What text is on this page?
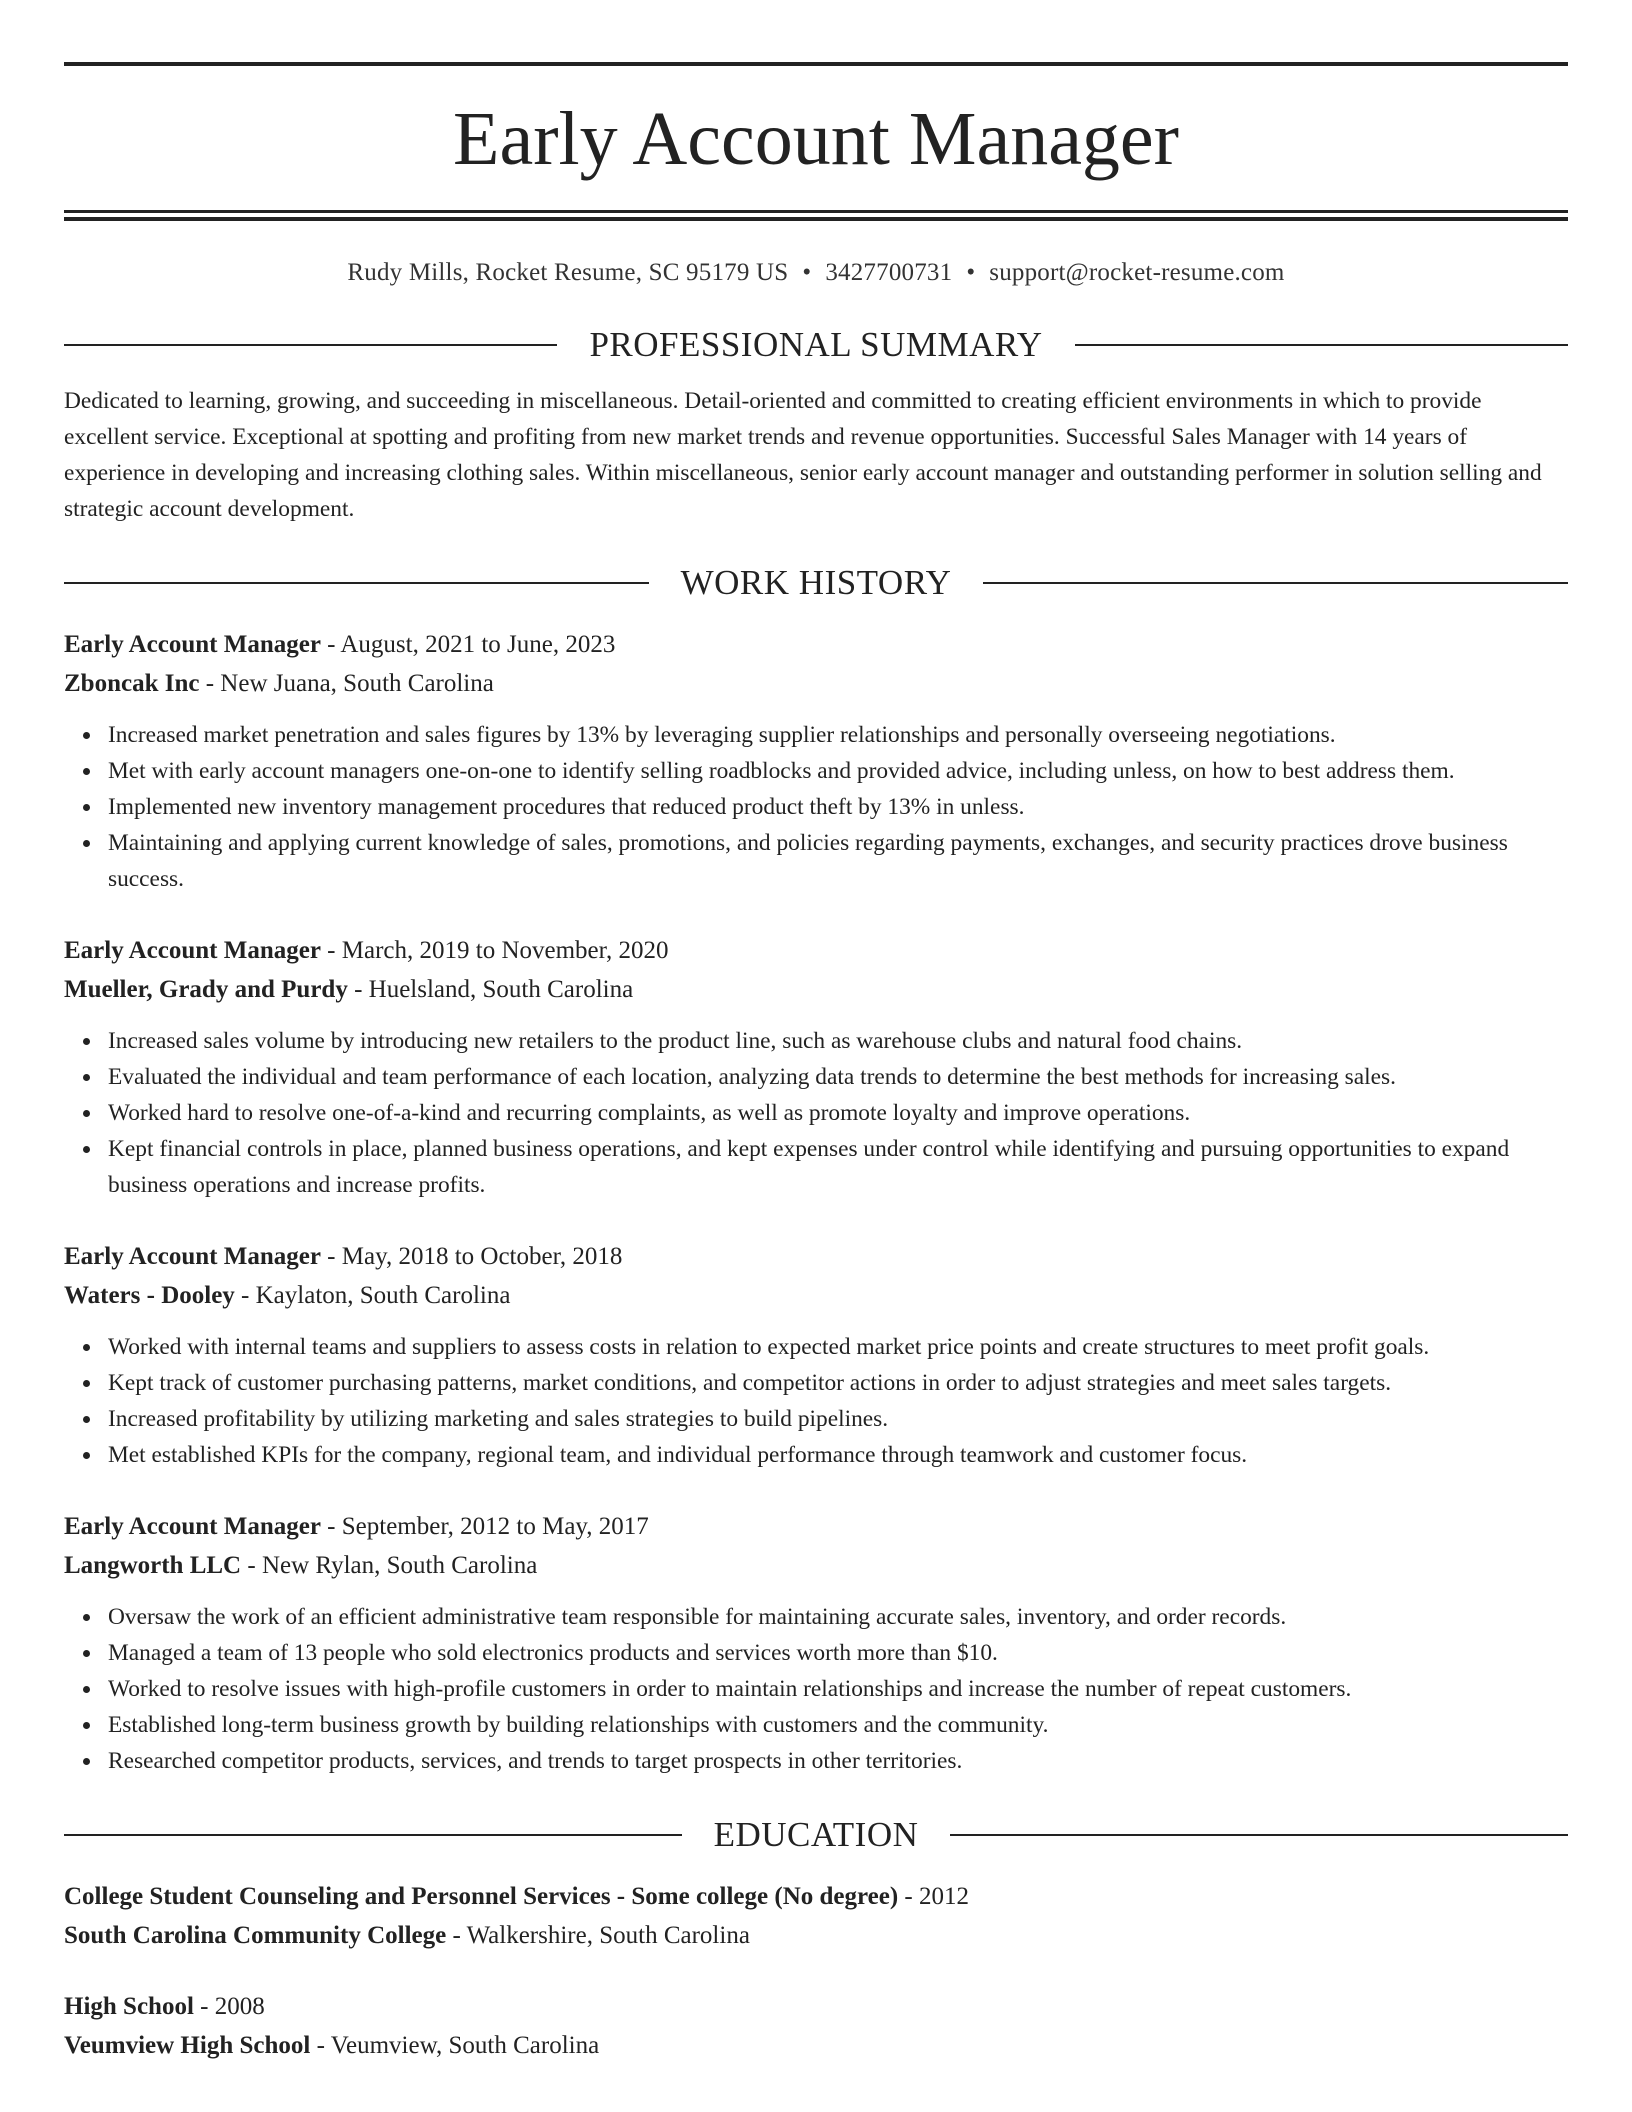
Early Account Manager
Rudy Mills, Rocket Resume, SC 95179 US • 3427700731 • support@rocket-resume.com
PROFESSIONAL SUMMARY

Dedicated to learning, growing, and succeeding in miscellaneous. Detail-oriented and committed to creating efficient environments in which to provide excellent service. Exceptional at spotting and profiting from new market trends and revenue opportunities. Successful Sales Manager with 14 years of experience in developing and increasing clothing sales. Within miscellaneous, senior early account manager and outstanding performer in solution selling and strategic account development.

WORK HISTORY
Early Account Manager - August, 2021 to June, 2023
Zboncak Inc - New Juana, South Carolina
Increased market penetration and sales figures by 13% by leveraging supplier relationships and personally overseeing negotiations.
Met with early account managers one-on-one to identify selling roadblocks and provided advice, including unless, on how to best address them.
Implemented new inventory management procedures that reduced product theft by 13% in unless.
Maintaining and applying current knowledge of sales, promotions, and policies regarding payments, exchanges, and security practices drove business success.
Early Account Manager - March, 2019 to November, 2020
Mueller, Grady and Purdy - Huelsland, South Carolina
Increased sales volume by introducing new retailers to the product line, such as warehouse clubs and natural food chains.
Evaluated the individual and team performance of each location, analyzing data trends to determine the best methods for increasing sales.
Worked hard to resolve one-of-a-kind and recurring complaints, as well as promote loyalty and improve operations.
Kept financial controls in place, planned business operations, and kept expenses under control while identifying and pursuing opportunities to expand business operations and increase profits.
Early Account Manager - May, 2018 to October, 2018
Waters - Dooley - Kaylaton, South Carolina
Worked with internal teams and suppliers to assess costs in relation to expected market price points and create structures to meet profit goals.
Kept track of customer purchasing patterns, market conditions, and competitor actions in order to adjust strategies and meet sales targets.
Increased profitability by utilizing marketing and sales strategies to build pipelines.
Met established KPIs for the company, regional team, and individual performance through teamwork and customer focus.
Early Account Manager - September, 2012 to May, 2017
Langworth LLC - New Rylan, South Carolina
Oversaw the work of an efficient administrative team responsible for maintaining accurate sales, inventory, and order records.
Managed a team of 13 people who sold electronics products and services worth more than $10.
Worked to resolve issues with high-profile customers in order to maintain relationships and increase the number of repeat customers.
Established long-term business growth by building relationships with customers and the community.
Researched competitor products, services, and trends to target prospects in other territories.
EDUCATION
College Student Counseling and Personnel Services - Some college (No degree) - 2012
South Carolina Community College - Walkershire, South Carolina
High School - 2008
Veumview High School - Veumview, South Carolina
